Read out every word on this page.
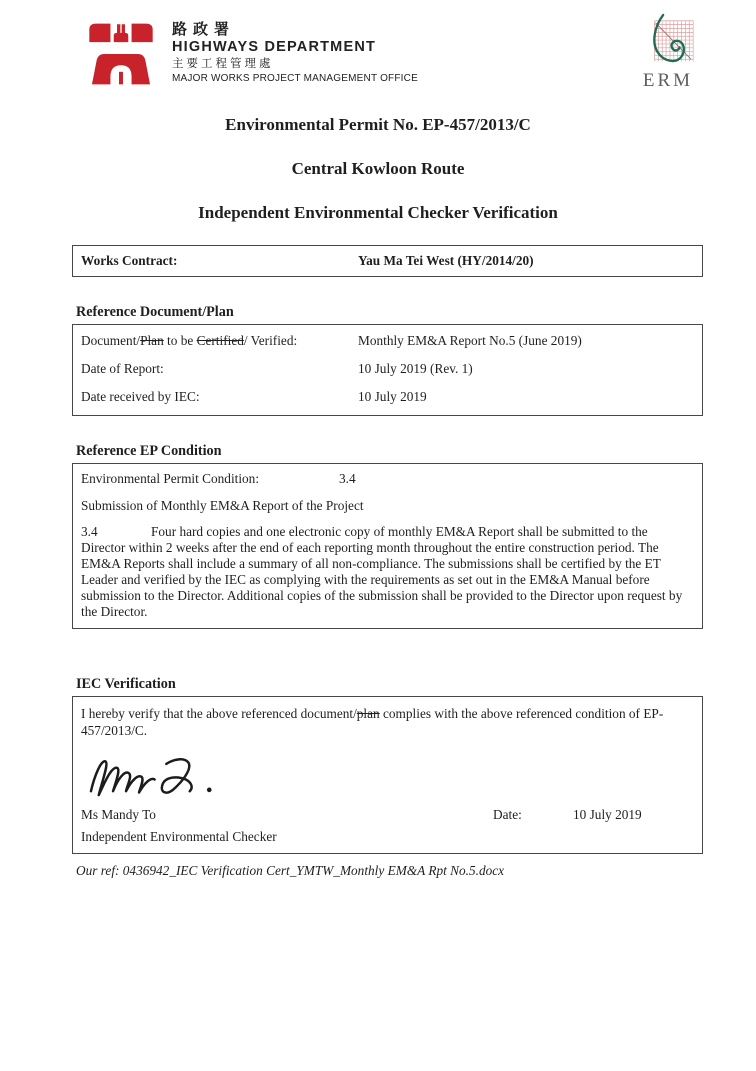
路政署
HIGHWAYS DEPARTMENT
主要工程管理處
MAJOR WORKS PROJECT MANAGEMENT OFFICE	ERM
Environmental Permit No. EP-457/2013/C
Central Kowloon Route
Independent Environmental Checker Verification
Works Contract:	Yau Ma Tei West (HY/2014/20)
Reference Document/Plan
Document/Plan to be Certified/ Verified:	Monthly EM&A Report No.5 (June 2019)
Date of Report:	10 July 2019 (Rev. 1)
Date received by IEC:	10 July 2019
Reference EP Condition
Environmental Permit Condition:	3.4
Submission of Monthly EM&A Report of the Project

3.4	Four hard copies and one electronic copy of monthly EM&A Report shall be submitted to the Director within 2 weeks after the end of each reporting month throughout the entire construction period. The EM&A Reports shall include a summary of all non-compliance. The submissions shall be certified by the ET Leader and verified by the IEC as complying with the requirements as set out in the EM&A Manual before submission to the Director. Additional copies of the submission shall be provided to the Director upon request by the Director.

IEC Verification

I hereby verify that the above referenced document/plan complies with the above referenced condition of EP-457/2013/C.

Ms Mandy To	Date:	10 July 2019
Independent Environmental Checker
Our ref: 0436942_IEC Verification Cert_YMTW_Monthly EM&A Rpt No.5.docx
